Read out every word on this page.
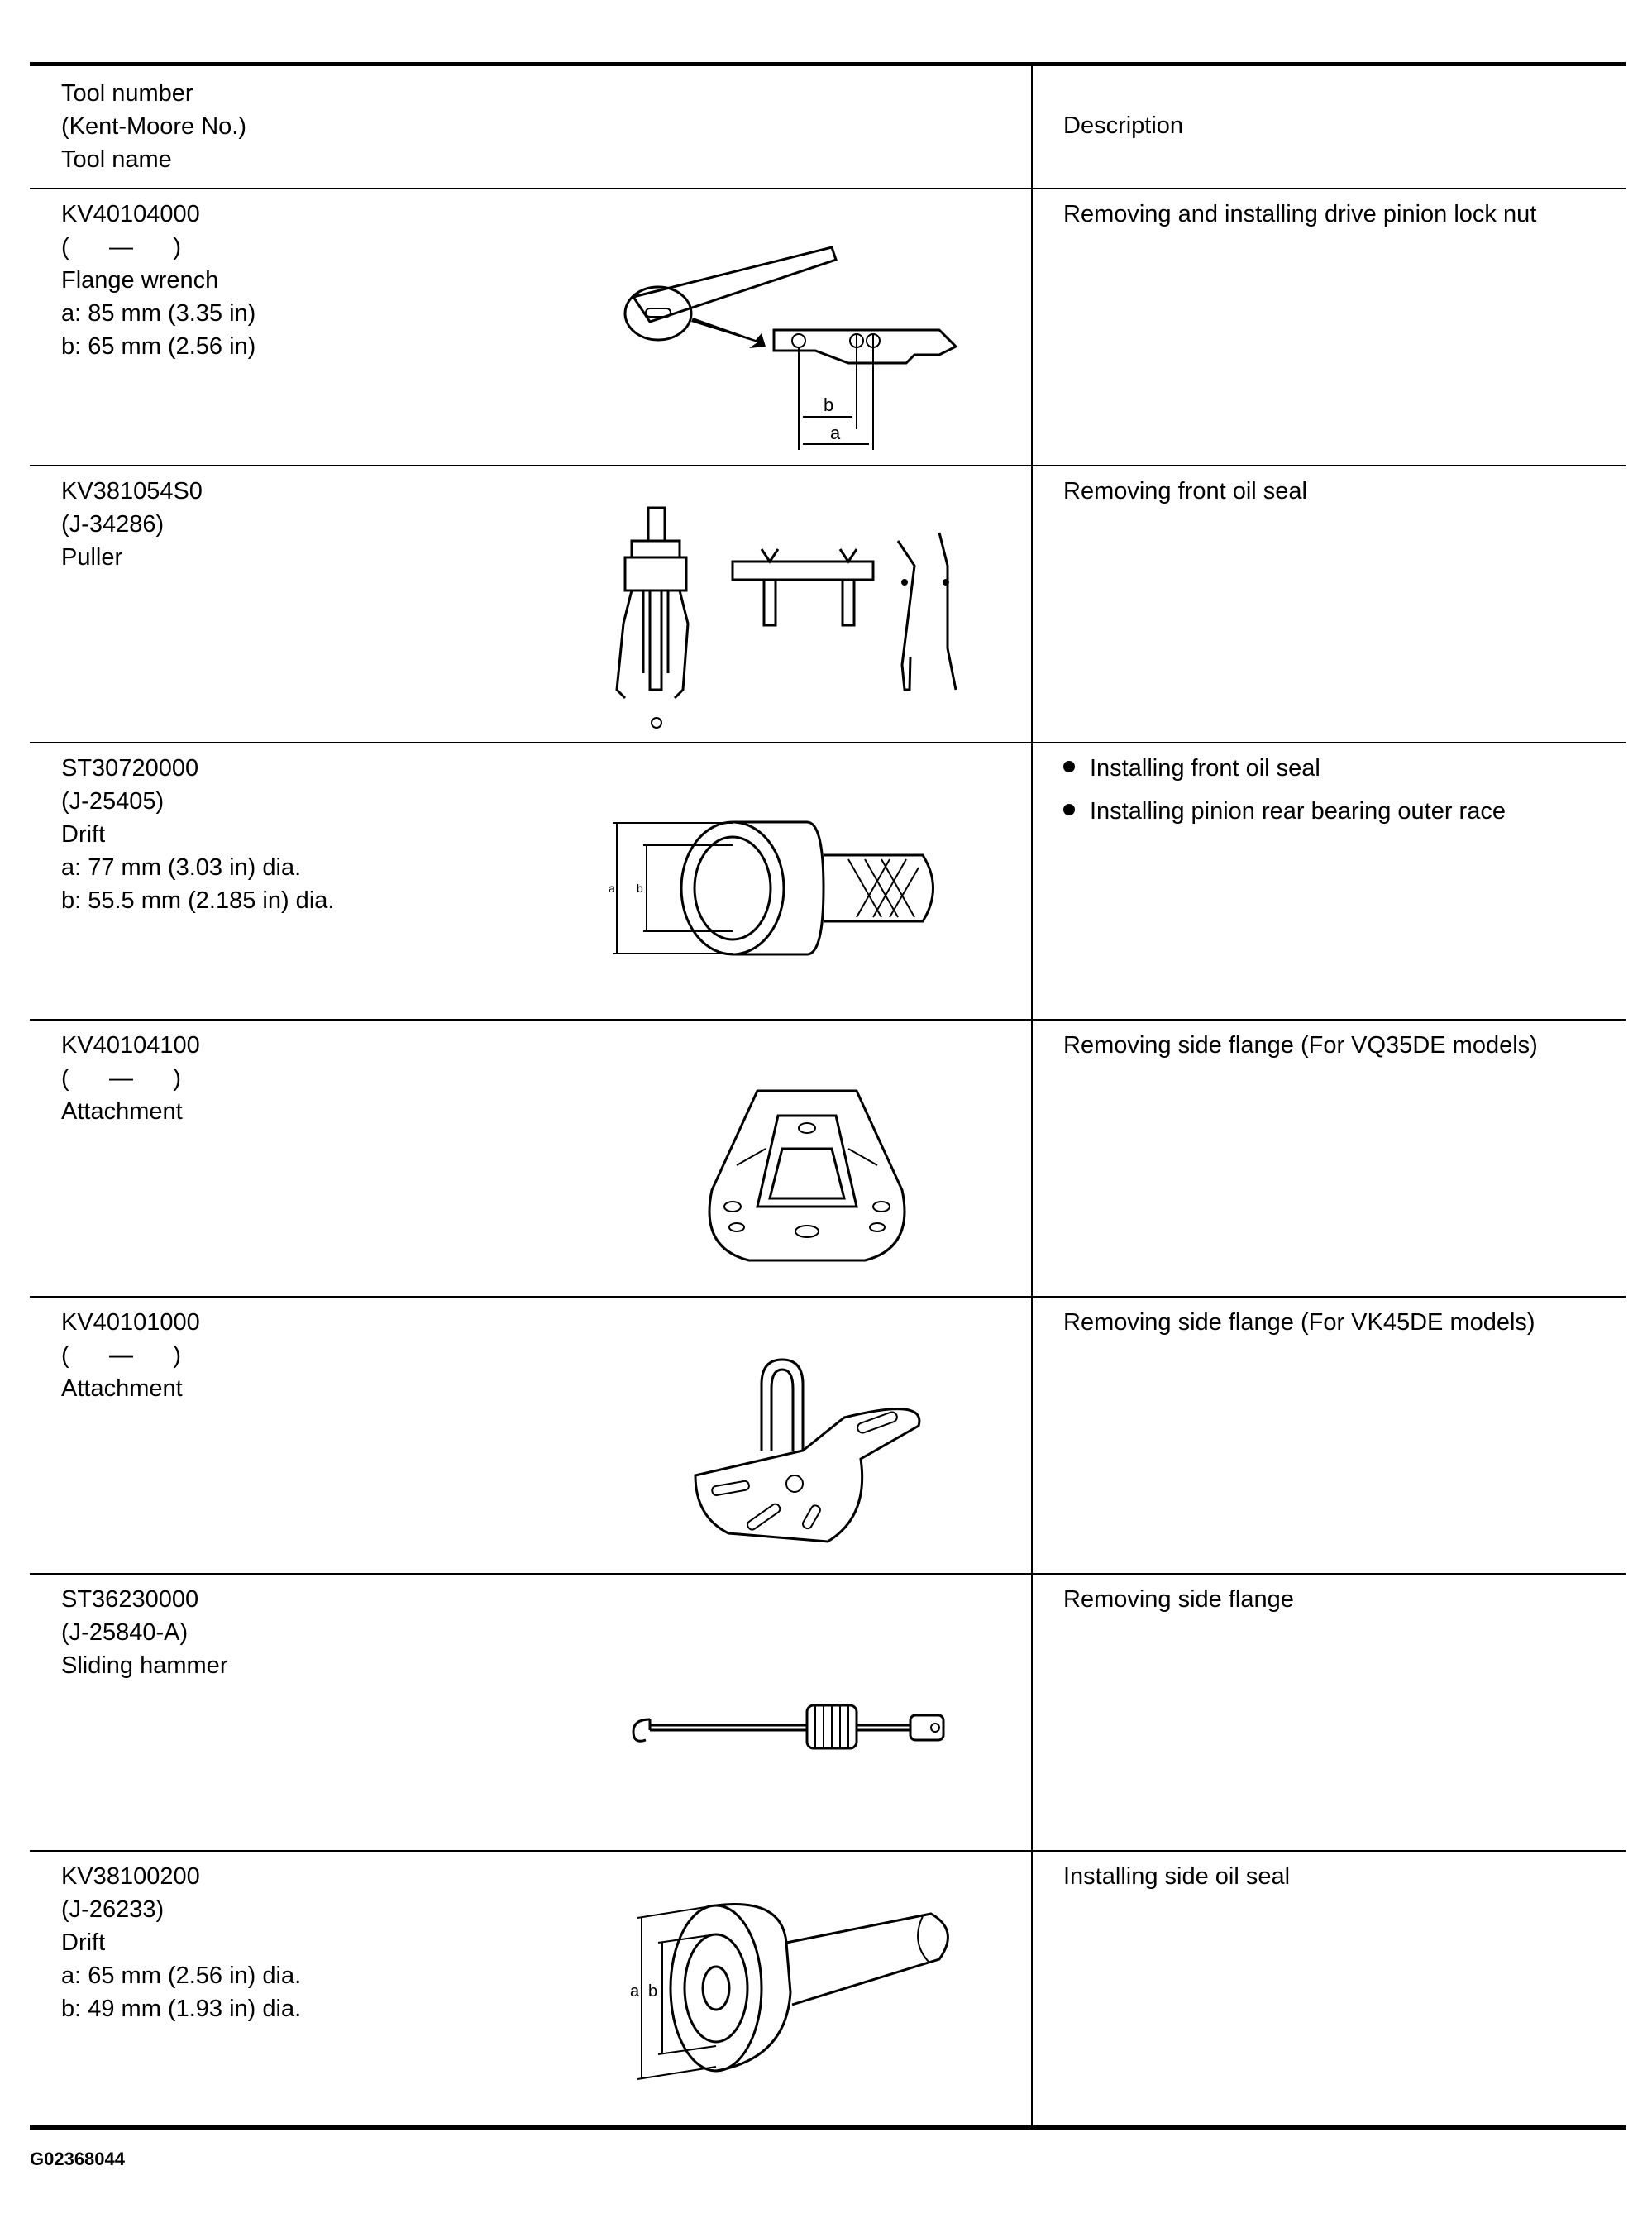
Tool number
(Kent-Moore No.)
Tool name
Description
KV40104000
(      —      )
Flange wrench
a: 85 mm (3.35 in)
b: 65 mm (2.56 in)
Removing and installing drive pinion lock nut
b
a
KV381054S0
(J-34286)
Puller
Removing front oil seal
ST30720000
(J-25405)
Drift
a: 77 mm (3.03 in) dia.
b: 55.5 mm (2.185 in) dia.
Installing front oil seal
Installing pinion rear bearing outer race
a b
KV40104100
(      —      )
Attachment
Removing side flange (For VQ35DE models)
KV40101000
(      —      )
Attachment
Removing side flange (For VK45DE models)
ST36230000
(J-25840-A)
Sliding hammer
Removing side flange
KV38100200
(J-26233)
Drift
a: 65 mm (2.56 in) dia.
b: 49 mm (1.93 in) dia.
Installing side oil seal
a b
G02368044
